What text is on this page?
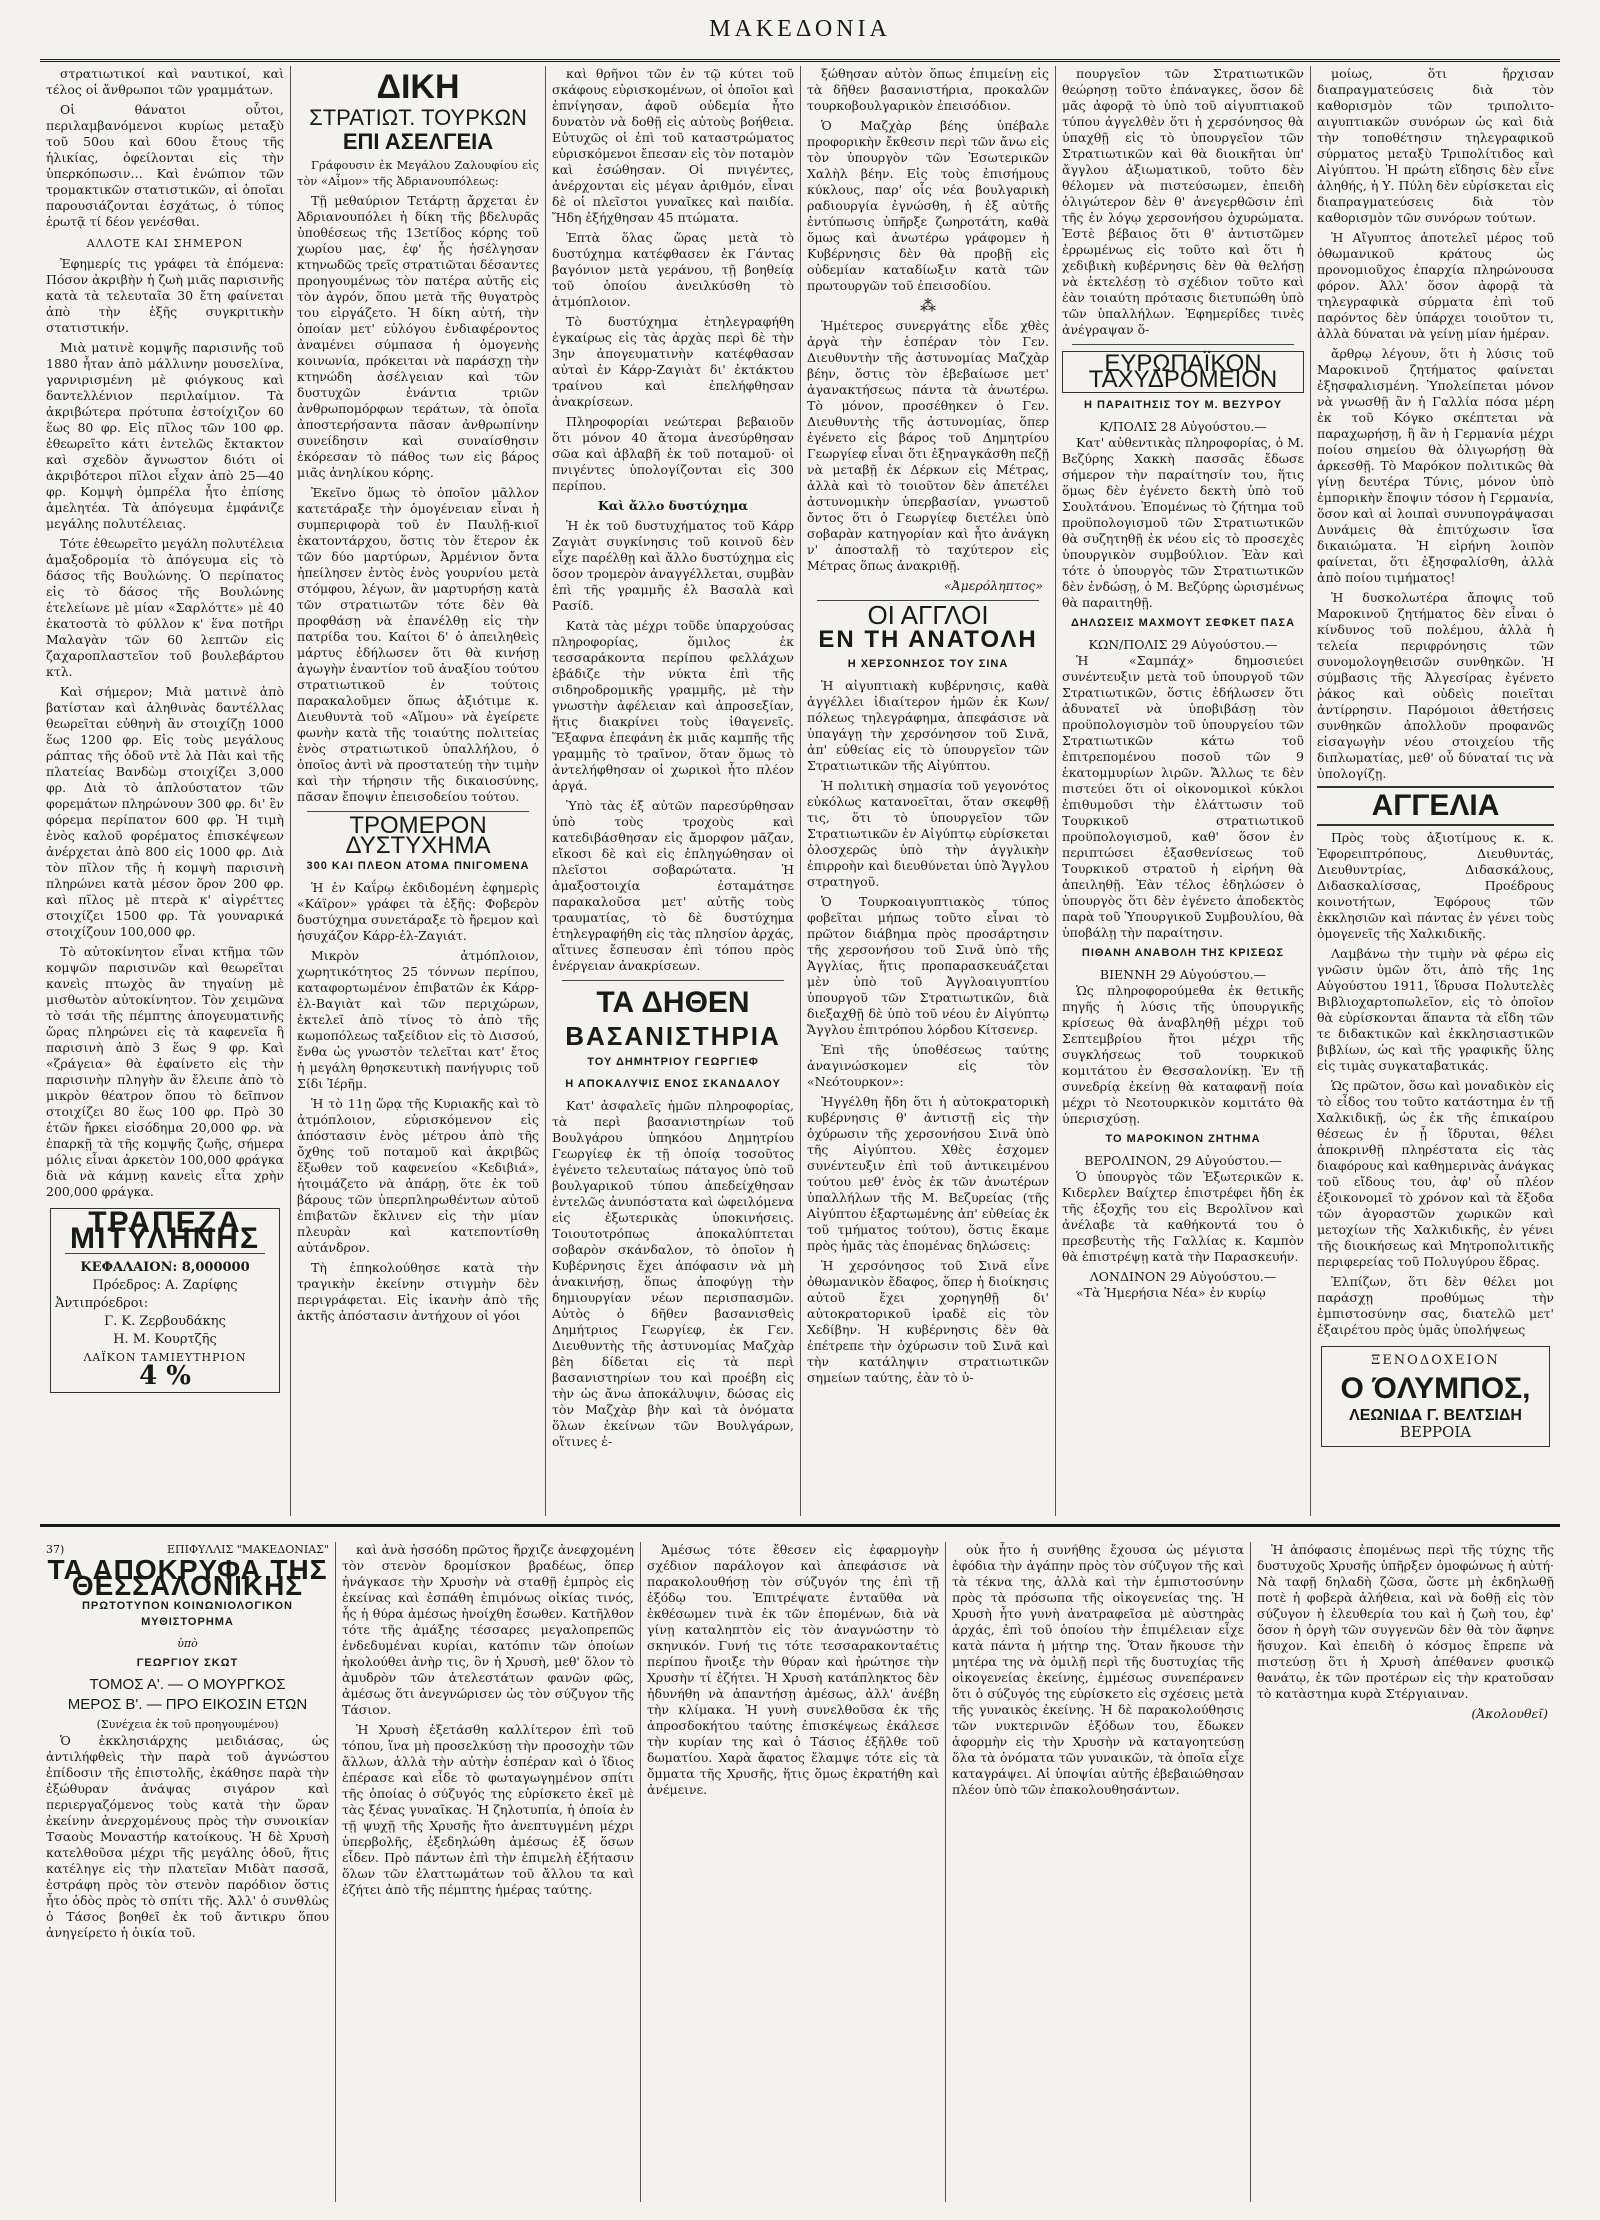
ΜΑΚΕΔΟΝΙΑ

στρατιωτικοί καὶ ναυτικοί, καὶ τέλος οἱ ἄνθρωποι τῶν γραμμάτων.

Οἱ θάνατοι οὗτοι, περιλαμβανόμενοι κυρίως μεταξὺ τοῦ 50ου καὶ 60ου ἔτους τῆς ἡλικίας, ὀφείλονται εἰς τὴν ὑπερκόπωσιν… Καὶ ἐνώπιον τῶν τρομακτικῶν στατιστικῶν, αἱ ὁποῖαι παρουσιάζονται ἐσχάτως, ὁ τύπος ἐρωτᾷ τί δέον γενέσθαι.

ΑΛΛΟΤΕ ΚΑΙ ΣΗΜΕΡΟΝ

Ἐφημερίς τις γράφει τὰ ἑπόμενα: Πόσον ἀκριβὴν ἡ ζωὴ μιᾶς παρισινῆς κατὰ τὰ τελευταῖα 30 ἔτη φαίνεται ἀπὸ τὴν ἑξῆς συγκριτικὴν στατιστικήν.

Μιὰ ματινὲ κομψῆς παρισινῆς τοῦ 1880 ἦταν ἀπὸ μάλλινην μουσελίνα, γαρνιρισμένη μὲ φιόγκους καὶ δαντελλένιον περιλαίμιον. Τὰ ἀκριβώτερα πρότυπα ἐστοίχιζον 60 ἕως 80 φρ. Εἰς πῖλος τῶν 100 φρ. ἐθεωρεῖτο κάτι ἐντελῶς ἔκτακτον καὶ σχεδὸν ἄγνωστον διότι οἱ ἀκριβότεροι πῖλοι εἶχαν ἀπὸ 25—40 φρ. Κομψὴ ὀμπρέλα ἦτο ἐπίσης ἀμελητέα. Τὰ ἀπόγευμα ἐμφάνιζε μεγάλης πολυτέλειας.

Τότε ἐθεωρεῖτο μεγάλη πολυτέλεια ἁμαξοδρομία τὸ ἀπόγευμα εἰς τὸ δάσος τῆς Βουλώνης. Ὁ περίπατος εἰς τὸ δάσος τῆς Βουλώνης ἐτελείωνε μὲ μίαν «Σαρλόττε» μὲ 40 ἑκατοστὰ τὸ φύλλον κ' ἕνα ποτῆρι Μαλαγὰν τῶν 60 λεπτῶν εἰς ζαχαροπλαστεῖον τοῦ βουλεβάρτου κτλ.

Καὶ σήμερον; Μιὰ ματινὲ ἀπὸ βατίσταν καὶ ἀληθινὰς δαντέλλας θεωρεῖται εὐθηνὴ ἂν στοιχίζῃ 1000 ἕως 1200 φρ. Εἰς τοὺς μεγάλους ράπτας τῆς ὁδοῦ ντὲ λὰ Πὰι καὶ τῆς πλατείας Βανδὼμ στοιχίζει 3,000 φρ. Διὰ τὸ ἀπλούστατον τῶν φορεμάτων πληρώνουν 300 φρ. δι' ἓν φόρεμα περίπατον 600 φρ. Ἡ τιμὴ ἑνὸς καλοῦ φορέματος ἐπισκέψεων ἀνέρχεται ἀπὸ 800 εἰς 1000 φρ. Διὰ τὸν πῖλον τῆς ἡ κομψὴ παρισινὴ πληρώνει κατὰ μέσον ὅρον 200 φρ. καὶ πῖλος μὲ πτερὰ κ' αἰγρέττες στοιχίζει 1500 φρ. Τὰ γουναρικά στοιχίζουν 100,000 φρ.

Τὸ αὐτοκίνητον εἶναι κτῆμα τῶν κομψῶν παρισινῶν καὶ θεωρεῖται κανεὶς πτωχὸς ἂν τηγαίνῃ μὲ μισθωτὸν αὐτοκίνητον. Τὸν χειμῶνα τὸ τσάι τῆς πέμπτης ἀπογευματινῆς ὥρας πληρώνει εἰς τὰ καφενεῖα ἢ παρισινὴ ἀπὸ 3 ἕως 9 φρ. Καὶ «ζράγεια» θὰ ἐφαίνετο εἰς τὴν παρισινὴν πληγὴν ἂν ἔλειπε ἀπὸ τὸ μικρὸν θέατρον ὅπου τὸ δεῖπνον στοιχίζει 80 ἕως 100 φρ. Πρὸ 30 ἐτῶν ἤρκει εἰσόδημα 20,000 φρ. νὰ ἐπαρκῇ τὰ τῆς κομψῆς ζωῆς, σήμερα μόλις εἶναι ἀρκετὸν 100,000 φράγκα διὰ νὰ κάμνῃ κανεὶς εἶτα χρὴν 200,000 φράγκα.

ΤΡΑΠΕΖΑ ΜΙΤΥΛΗΝΗΣ
ΚΕΦΑΛΑΙΟΝ: 8,000000
Πρόεδρος: Α. Ζαρίφης
Ἀντιπρόεδροι:
Γ. Κ. Ζερβουδάκης
Η. Μ. Κουρτζῆς
ΛΑΪΚΟΝ ΤΑΜΙΕΥΤΗΡΙΟΝ
4 %
ΔΙΚΗ
ΣΤΡΑΤΙΩΤ. ΤΟΥΡΚΩΝ
ΕΠΙ ΑΣΕΛΓΕΙΑ

Γράφουσιν ἐκ Μεγάλου Ζαλουφίου εἰς τὸν «Αἶμον» τῆς Ἀδριανουπόλεως:

Τῇ μεθαύριον Τετάρτῃ ἄρχεται ἐν Ἀδριανουπόλει ἡ δίκη τῆς βδελυρᾶς ὑποθέσεως τῆς 13ετίδος κόρης τοῦ χωρίου μας, ἐφ' ἧς ἠσέλγησαν κτηνωδῶς τρεῖς στρατιῶται δέσαντες προηγουμένως τὸν πατέρα αὐτῆς εἰς τὸν ἀγρόν, ὅπου μετὰ τῆς θυγατρὸς του εἰργάζετο. Ἡ δίκη αὐτή, τὴν ὁποίαν μετ' εὐλόγου ἐνδιαφέροντος ἀναμένει σύμπασα ἡ ὁμογενὴς κοινωνία, πρόκειται νὰ παράσχῃ τὴν κτηνώδη ἀσέλγειαν καὶ τῶν δυστυχῶν ἐνάντια τριῶν ἀνθρωπομόρφων τεράτων, τὰ ὁποῖα ἀποστερήσαντα πᾶσαν ἀνθρωπίνην συνείδησιν καὶ συναίσθησιν ἐκόρεσαν τὸ πάθος των εἰς βάρος μιᾶς ἀνηλίκου κόρης.

Ἐκεῖνο ὅμως τὸ ὁποῖον μᾶλλον κατετάραξε τὴν ὁμογένειαν εἶναι ἡ συμπεριφορὰ τοῦ ἐν Παυλῇ-κιοῖ ἑκατοντάρχου, ὅστις τὸν ἕτερον ἐκ τῶν δύο μαρτύρων, Ἀρμένιον ὄντα ἠπείλησεν ἐντὸς ἑνὸς γουρνίου μετὰ στόμφου, λέγων, ἂν μαρτυρήσῃ κατὰ τῶν στρατιωτῶν τότε δὲν θὰ προφθάσῃ νὰ ἐπανέλθῃ εἰς τὴν πατρίδα του. Καίτοι δ' ὁ ἀπειληθεὶς μάρτυς ἐδήλωσεν ὅτι θὰ κινήσῃ ἀγωγὴν ἐναντίον τοῦ ἀναξίου τούτου στρατιωτικοῦ ἐν τούτοις παρακαλοῦμεν ὅπως ἀξιότιμε κ. Διευθυντὰ τοῦ «Αἵμου» νὰ ἐγείρετε φωνὴν κατὰ τῆς τοιαύτης πολιτείας ἑνὸς στρατιωτικοῦ ὑπαλλήλου, ὁ ὁποῖος ἀντὶ νὰ προστατεύῃ τὴν τιμὴν καὶ τὴν τήρησιν τῆς δικαιοσύνης, πᾶσαν ἔποψιν ἐπεισοδείου τούτου.

ΤΡΟΜΕΡΟΝ
ΔΥΣΤΥΧΗΜΑ
300 ΚΑΙ ΠΛΕΟΝ ΑΤΟΜΑ ΠΝΙΓΟΜΕΝΑ

Ἡ ἐν Καΐρῳ ἐκδιδομένη ἐφημερὶς «Κάϊρον» γράφει τὰ ἑξῆς: Φοβερὸν δυστύχημα συνετάραξε τὸ ἤρεμον καὶ ἡσυχάζον Κάρρ-ἐλ-Ζαγιάτ.

Μικρὸν ἀτμόπλοιον, χωρητικότητος 25 τόννων περίπου, καταφορτωμένον ἐπιβατῶν ἐκ Κάρρ-ἐλ-Βαγιὰτ καὶ τῶν περιχώρων, ἐκτελεῖ ἀπὸ τίνος τὸ ἀπὸ τῆς κωμοπόλεως ταξείδιον εἰς τὸ Δισσού, ἔνθα ὡς γνωστὸν τελεῖται κατ' ἔτος ἡ μεγάλη θρησκευτικὴ πανήγυρις τοῦ Σίδι Ἰέρῆμ.

Ἡ τὸ 11ῃ ὥρᾳ τῆς Κυριακῆς καὶ τὸ ἀτμόπλοιον, εὑρισκόμενον εἰς ἀπόστασιν ἑνὸς μέτρου ἀπὸ τῆς ὄχθης τοῦ ποταμοῦ καὶ ἀκριβῶς ἔξωθεν τοῦ καφενείου «Κεδιβιά», ἡτοιμάζετο νὰ ἀπάρῃ, ὅτε ἐκ τοῦ βάρους τῶν ὑπερπληρωθέντων αὐτοῦ ἐπιβατῶν ἔκλινεν εἰς τὴν μίαν πλευρὰν καὶ κατεποντίσθη αὐτάνδρον.

Τὴ ἐπηκολούθησε κατὰ τὴν τραγικὴν ἐκείνην στιγμὴν δὲν περιγράφεται. Εἰς ἱκανὴν ἀπὸ τῆς ἀκτῆς ἀπόστασιν ἀντήχουν οἱ γόοι

καὶ θρῆνοι τῶν ἐν τῷ κύτει τοῦ σκάφους εὑρισκομένων, οἱ ὁποῖοι καὶ ἐπνίγησαν, ἀφοῦ οὐδεμία ἦτο δυνατὸν νὰ δοθῇ εἰς αὐτοὺς βοήθεια. Εὐτυχῶς οἱ ἐπὶ τοῦ καταστρώματος εὑρισκόμενοι ἔπεσαν εἰς τὸν ποταμὸν καὶ ἐσώθησαν. Οἱ πνιγέντες, ἀνέρχονται εἰς μέγαν ἀριθμόν, εἶναι δὲ οἱ πλεῖστοι γυναῖκες καὶ παιδία. Ἤδη ἐξήχθησαν 45 πτώματα.

Ἐπτὰ ὅλας ὥρας μετὰ τὸ δυστύχημα κατέφθασεν ἐκ Γάντας βαγόνιον μετὰ γεράνου, τῇ βοηθείᾳ τοῦ ὁποίου ἀνειλκύσθη τὸ ἀτμόπλοιον.

Τὸ δυστύχημα ἐτηλεγραφήθη ἐγκαίρως εἰς τὰς ἀρχὰς περὶ δὲ τὴν 3ην ἀπογευματινὴν κατέφθασαν αὐταὶ ἐν Κάρρ-Ζαγιὰτ δι' ἐκτάκτου τραίνου καὶ ἐπελήφθησαν ἀνακρίσεων.

Πληροφορίαι νεώτεραι βεβαιοῦν ὅτι μόνον 40 ἄτομα ἀνεσύρθησαν σῶα καὶ ἀβλαβῆ ἐκ τοῦ ποταμοῦ· οἱ πνιγέντες ὑπολογίζονται εἰς 300 περίπου.

Καὶ ἄλλο δυστύχημα

Ἡ ἐκ τοῦ δυστυχήματος τοῦ Κάρρ Ζαγιὰτ συγκίνησις τοῦ κοινοῦ δὲν εἶχε παρέλθῃ καὶ ἄλλο δυστύχημα εἰς ὅσον τρομερὸν ἀναγγέλλεται, συμβὰν ἐπὶ τῆς γραμμῆς ἐλ Βασαλὰ καὶ Ρασίδ.

Κατὰ τὰς μέχρι τοῦδε ὑπαρχούσας πληροφορίας, ὅμιλος ἐκ τεσσαράκοντα περίπου φελλάχων ἐβάδιζε τὴν νύκτα ἐπὶ τῆς σιδηροδρομικῆς γραμμῆς, μὲ τὴν γνωστὴν ἀφέλειαν καὶ ἀπροσεξίαν, ἥτις διακρίνει τοὺς ἰθαγενεῖς. Ἔξαφνα ἐπεφάνη ἐκ μιᾶς καμπῆς τῆς γραμμῆς τὸ τραῖνον, ὅταν ὅμως τὸ ἀντελήφθησαν οἱ χωρικοὶ ἦτο πλέον ἀργά.

Ὑπὸ τὰς ἐξ αὐτῶν παρεσύρθησαν ὑπὸ τοὺς τροχοὺς καὶ κατεδιβάσθησαν εἰς ἄμορφον μᾶζαν, εἴκοσι δὲ καὶ εἰς ἐπληγώθησαν οἱ πλεῖστοι σοβαρώτατα. Ἡ ἁμαξοστοιχία ἐσταμάτησε παρακαλοῦσα μετ' αὐτῆς τοὺς τραυματίας, τὸ δὲ δυστύχημα ἐτηλεγραφήθη εἰς τὰς πλησίον ἀρχάς, αἵτινες ἔσπευσαν ἐπὶ τόπου πρὸς ἐνέργειαν ἀνακρίσεων.

ΤΑ ΔΗΘΕΝ
ΒΑΣΑΝΙΣΤΗΡΙΑ
ΤΟΥ ΔΗΜΗΤΡΙΟΥ ΓΕΩΡΓΙΕΦ
Η ΑΠΟΚΑΛΥΨΙΣ ΕΝΟΣ ΣΚΑΝΔΑΛΟΥ

Κατ' ἀσφαλεῖς ἡμῶν πληροφορίας, τὰ περὶ βασανιστηρίων τοῦ Βουλγάρου ὑπηκόου Δημητρίου Γεωργίεφ ἐκ τῇ ὁποίᾳ τοσοῦτος ἐγένετο τελευταίως πάταγος ὑπὸ τοῦ βουλγαρικοῦ τύπου ἀπεδείχθησαν ἐντελῶς ἀνυπόστατα καὶ ὠφειλόμενα εἰς ἐξωτερικὰς ὑποκινήσεις. Τοιουτοτρόπως ἀποκαλύπτεται σοβαρὸν σκάνδαλον, τὸ ὁποῖον ἡ Κυβέρνησις ἔχει ἀπόφασιν νὰ μὴ ἀνακινήσῃ, ὅπως ἀποφύγῃ τὴν δημιουργίαν νέων περισπασμῶν. Αὐτὸς ὁ δῆθεν βασανισθεὶς Δημήτριος Γεωργίεφ, ἐκ Γεν. Διευθυντὴς τῆς ἀστυνομίας Μαζχὰρ βὲη δίδεται εἰς τὰ περὶ βασανιστηρίων του καὶ προέβη εἰς τὴν ὡς ἄνω ἀποκάλυψιν, δώσας εἰς τὸν Μαζχὰρ βὴν καὶ τὰ ὀνόματα ὅλων ἐκείνων τῶν Βουλγάρων, οἵτινες ἐ-

ξώθησαν αὐτὸν ὅπως ἐπιμείνῃ εἰς τὰ δῆθεν βασανιστήρια, προκαλῶν τουρκοβουλγαρικὸν ἐπεισόδιον.

Ὁ Μαζχὰρ βέης ὑπέβαλε προφορικὴν ἔκθεσιν περὶ τῶν ἄνω εἰς τὸν ὑπουργὸν τῶν Ἐσωτερικῶν Χαλὴλ βέην. Εἰς τοὺς ἐπισήμους κύκλους, παρ' οἷς νέα βουλγαρικὴ ραδιουργία ἐγνώσθη, ἡ ἐξ αὐτῆς ἐντύπωσις ὑπῆρξε ζωηροτάτη, καθὰ ὅμως καὶ ἀνωτέρω γράφομεν ἡ Κυβέρνησις δὲν θὰ προβῇ εἰς οὐδεμίαν καταδίωξιν κατὰ τῶν πρωτουργῶν τοῦ ἐπεισοδίου.

⁂

Ἡμέτερος συνεργάτης εἶδε χθὲς ἀργὰ τὴν ἑσπέραν τὸν Γεν. Διευθυντὴν τῆς ἀστυνομίας Μαζχὰρ βέην, ὅστις τὸν ἐβεβαίωσε μετ' ἀγανακτήσεως πάντα τὰ ἀνωτέρω. Τὸ μόνον, προσέθηκεν ὁ Γεν. Διευθυντὴς τῆς ἀστυνομίας, ὅπερ ἐγένετο εἰς βάρος τοῦ Δημητρίου Γεωργίεφ εἶναι ὅτι ἐξηναγκάσθη πεζῇ νὰ μεταβῇ ἐκ Δέρκων εἰς Μέτρας, ἀλλὰ καὶ τὸ τοιοῦτον δὲν ἀπετέλει ἀστυνομικὴν ὑπερβασίαν, γνωστοῦ ὄντος ὅτι ὁ Γεωργίεφ διετέλει ὑπὸ σοβαρὰν κατηγορίαν καὶ ἦτο ἀνάγκη ν' ἀποσταλῇ τὸ ταχύτερον εἰς Μέτρας ὅπως ἀνακριθῇ.

«Ἀμερόληπτος»
ΟΙ ΑΓΓΛΟΙ
ΕΝ ΤΗ ΑΝΑΤΟΛΗ
Η ΧΕΡΣΟΝΗΣΟΣ ΤΟΥ ΣΙΝΑ

Ἡ αἰγυπτιακὴ κυβέρνησις, καθὰ ἀγγέλλει ἰδιαίτερον ἡμῶν ἐκ Κων/πόλεως τηλεγράφημα, ἀπεφάσισε νὰ ὑπαγάγῃ τὴν χερσόνησον τοῦ Σινᾶ, ἀπ' εὐθείας εἰς τὸ ὑπουργεῖον τῶν Στρατιωτικῶν τῆς Αἰγύπτου.

Ἡ πολιτικὴ σημασία τοῦ γεγονότος εὐκόλως κατανοεῖται, ὅταν σκεφθῇ τις, ὅτι τὸ ὑπουργεῖον τῶν Στρατιωτικῶν ἐν Αἰγύπτῳ εὑρίσκεται ὁλοσχερῶς ὑπὸ τὴν ἀγγλικὴν ἐπιρροὴν καὶ διευθύνεται ὑπὸ Ἄγγλου στρατηγοῦ.

Ὁ Τουρκοαιγυπτιακὸς τύπος φοβεῖται μήπως τοῦτο εἶναι τὸ πρῶτον διάβημα πρὸς προσάρτησιν τῆς χερσονήσου τοῦ Σινᾶ ὑπὸ τῆς Ἀγγλίας, ἥτις προπαρασκευάζεται μὲν ὑπὸ τοῦ Ἀγγλοαιγυπτίου ὑπουργοῦ τῶν Στρατιωτικῶν, διὰ διεξαχθῇ δὲ ὑπὸ τοῦ νέου ἐν Αἰγύπτῳ Ἄγγλου ἐπιτρόπου λόρδου Κίτσενερ.

Ἐπὶ τῆς ὑποθέσεως ταύτης ἀναγινώσκομεν εἰς τὸν «Νεότουρκον»:

Ἠγγέλθη ἤδη ὅτι ἡ αὐτοκρατορικὴ κυβέρνησις θ' ἀντιστῇ εἰς τὴν ὀχύρωσιν τῆς χερσονήσου Σινᾶ ὑπὸ τῆς Αἰγύπτου. Χθὲς ἐσχομεν συνέντευξιν ἐπὶ τοῦ ἀντικειμένου τούτου μεθ' ἑνὸς ἐκ τῶν ἀνωτέρων ὑπαλλήλων τῆς Μ. Βεζυρείας (τῆς Αἰγύπτου ἐξαρτωμένης ἀπ' εὐθείας ἐκ τοῦ τμήματος τούτου), ὅστις ἔκαμε πρὸς ἡμᾶς τὰς ἑπομένας δηλώσεις:

Ἡ χερσόνησος τοῦ Σινᾶ εἶνε ὀθωμανικὸν ἔδαφος, ὅπερ ἡ διοίκησις αὐτοῦ ἔχει χορηγηθῇ δι' αὐτοκρατορικοῦ ἰραδὲ εἰς τὸν Χεδίβην. Ἡ κυβέρνησις δὲν θὰ ἐπέτρεπε τὴν ὀχύρωσιν τοῦ Σινᾶ καὶ τὴν κατάληψιν στρατιωτικῶν σημείων ταύτης, ἐὰν τὸ ὑ-

πουργεῖον τῶν Στρατιωτικῶν θεώρησῃ τοῦτο ἐπάναγκες, ὅσον δὲ μᾶς ἀφορᾷ τὸ ὑπὸ τοῦ αἰγυπτιακοῦ τύπου ἀγγελθὲν ὅτι ἡ χερσόνησος θὰ ὑπαχθῇ εἰς τὸ ὑπουργεῖον τῶν Στρατιωτικῶν καὶ θὰ διοικῆται ὑπ' ἄγγλου ἀξιωματικοῦ, τοῦτο δὲν θέλομεν νὰ πιστεύσωμεν, ἐπειδὴ ὀλιγώτερον δὲν θ' ἀνεγερθῶσιν ἐπὶ τῆς ἐν λόγῳ χερσονήσου ὀχυρώματα. Ἐστὲ βέβαιος ὅτι θ' ἀντιστῶμεν ἐρρωμένως εἰς τοῦτο καὶ ὅτι ἡ χεδιβικὴ κυβέρνησις δὲν θὰ θελήσῃ νὰ ἐκτελέσῃ τὸ σχέδιον τοῦτο καὶ ἐὰν τοιαύτη πρότασις διετυπώθη ὑπὸ τῶν ὑπαλλήλων. Ἐφημερίδες τινὲς ἀνέγραψαν ὅ-

ΕΥΡΩΠΑΪΚΟΝ ΤΑΧΥΔΡΟΜΕΙΟΝ
Η ΠΑΡΑΙΤΗΣΙΣ ΤΟΥ Μ. ΒΕΖΥΡΟΥ
Κ/ΠΟΛΙΣ 28 Αὐγούστου.—

Κατ' αὐθεντικὰς πληροφορίας, ὁ Μ. Βεζύρης Χακκὴ πασσᾶς ἔδωσε σήμερον τὴν παραίτησίν του, ἥτις ὅμως δὲν ἐγένετο δεκτὴ ὑπὸ τοῦ Σουλτάνου. Ἐπομένως τὸ ζήτημα τοῦ προϋπολογισμοῦ τῶν Στρατιωτικῶν θὰ συζητηθῇ ἐκ νέου εἰς τὸ προσεχὲς ὑπουργικὸν συμβούλιον. Ἐὰν καὶ τότε ὁ ὑπουργὸς τῶν Στρατιωτικῶν δὲν ἐνδώσῃ, ὁ Μ. Βεζύρης ὡρισμένως θὰ παραιτηθῇ.

ΔΗΛΩΣΕΙΣ ΜΑΧΜΟΥΤ ΣΕΦΚΕΤ ΠΑΣΑ
ΚΩΝ/ΠΟΛΙΣ 29 Αὐγούστου.—

Ἡ «Σαμπάχ» δημοσιεύει συνέντευξιν μετὰ τοῦ ὑπουργοῦ τῶν Στρατιωτικῶν, ὅστις ἐδήλωσεν ὅτι ἀδυνατεῖ νὰ ὑποβιβάσῃ τὸν προϋπολογισμὸν τοῦ ὑπουργείου τῶν Στρατιωτικῶν κάτω τοῦ ἐπιτρεπομένου ποσοῦ τῶν 9 ἑκατομμυρίων λιρῶν. Ἄλλως τε δὲν πιστεύει ὅτι οἱ οἰκονομικοὶ κύκλοι ἐπιθυμοῦσι τὴν ἐλάττωσιν τοῦ Τουρκικοῦ στρατιωτικοῦ προϋπολογισμοῦ, καθ' ὅσον ἐν περιπτώσει ἐξασθενίσεως τοῦ Τουρκικοῦ στρατοῦ ἡ εἰρήνη θὰ ἀπειληθῇ. Ἐὰν τέλος ἐδηλώσεν ὁ ὑπουργὸς ὅτι δὲν ἐγένετο ἀποδεκτὸς παρὰ τοῦ Ὑπουργικοῦ Συμβουλίου, θὰ ὑποβάλῃ τὴν παραίτησιν.

ΠΙΘΑΝΗ ΑΝΑΒΟΛΗ ΤΗΣ ΚΡΙΣΕΩΣ
ΒΙΕΝΝΗ 29 Αὐγούστου.—

Ὡς πληροφορούμεθα ἐκ θετικῆς πηγῆς ἡ λύσις τῆς ὑπουργικῆς κρίσεως θὰ ἀναβληθῇ μέχρι τοῦ Σεπτεμβρίου ἤτοι μέχρι τῆς συγκλήσεως τοῦ τουρκικοῦ κομιτάτου ἐν Θεσσαλονίκῃ. Ἐν τῇ συνεδρίᾳ ἐκείνῃ θὰ καταφανῇ ποία μέχρι τὸ Νεοτουρκικὸν κομιτάτο θὰ ὑπερισχύσῃ.

ΤΟ ΜΑΡΟΚΙΝΟΝ ΖΗΤΗΜΑ
ΒΕΡΟΛΙΝΟΝ, 29 Αὐγούστου.—

Ὁ ὑπουργὸς τῶν Ἐξωτερικῶν κ. Κιδερλεν Βαίχτερ ἐπιστρέφει ἤδη ἐκ τῆς ἐξοχῆς του εἰς Βερολῖνον καὶ ἀνέλαβε τὰ καθήκοντά του ὁ πρεσβευτὴς τῆς Γαλλίας κ. Καμπὸν θὰ ἐπιστρέψῃ κατὰ τὴν Παρασκευήν.

ΛΟΝΔΙΝΟΝ 29 Αὐγούστου.—

«Τὰ Ἡμερήσια Νέα» ἐν κυρίῳ

μοίως, ὅτι ἤρχισαν διαπραγματεύσεις διὰ τὸν καθορισμὸν τῶν τριπολιτο-αιγυπτιακῶν συνόρων ὡς καὶ διὰ τὴν τοποθέτησιν τηλεγραφικοῦ σύρματος μεταξὺ Τριπολίτιδος καὶ Αἰγύπτου. Ἡ πρώτη εἴδησις δὲν εἶνε ἀληθής, ἡ Υ. Πύλη δὲν εὑρίσκεται εἰς διαπραγματεύσεις διὰ τὸν καθορισμὸν τῶν συνόρων τούτων.

Ἡ Αἴγυπτος ἀποτελεῖ μέρος τοῦ ὀθωμανικοῦ κράτους ὡς προνομιοῦχος ἐπαρχία πληρώνουσα φόρον. Ἀλλ' ὅσον ἀφορᾷ τὰ τηλεγραφικὰ σύρματα ἐπὶ τοῦ παρόντος δὲν ὑπάρχει τοιοῦτον τι, ἀλλὰ δύναται νὰ γείνῃ μίαν ἡμέραν.

ἄρθρῳ λέγουν, ὅτι ἡ λύσις τοῦ Μαροκινοῦ ζητήματος φαίνεται ἐξησφαλισμένη. Ὑπολείπεται μόνον νὰ γνωσθῇ ἂν ἡ Γαλλία πόσα μέρη ἐκ τοῦ Κόγκο σκέπτεται νὰ παραχωρήσῃ, ἢ ἂν ἡ Γερμανία μέχρι ποίου σημείου θὰ ὀλιγωρήσῃ θὰ ἀρκεσθῇ. Τὸ Μαρόκον πολιτικῶς θὰ γίνῃ δευτέρα Τύνις, μόνον ὑπὸ ἐμπορικὴν ἔποψιν τόσον ἡ Γερμανία, ὅσον καὶ αἱ λοιπαὶ συνυπογράψασαι Δυνάμεις θὰ ἐπιτύχωσιν ἴσα δικαιώματα. Ἡ εἰρήνη λοιπὸν φαίνεται, ὅτι ἐξησφαλίσθη, ἀλλὰ ἀπὸ ποίου τιμήματος!

Ἡ δυσκολωτέρα ἄποψις τοῦ Μαροκινοῦ ζητήματος δὲν εἶναι ὁ κίνδυνος τοῦ πολέμου, ἀλλὰ ἡ τελεία περιφρόνησις τῶν συνομολογηθεισῶν συνθηκῶν. Ἡ σύμβασις τῆς Ἀλγεσίρας ἐγένετο ῥάκος καὶ οὐδεὶς ποιεῖται ἀντίρρησιν. Παρόμοιοι ἀθετήσεις συνθηκῶν ἀπολλοῦν προφανῶς εἰσαγωγὴν νέου στοιχείου τῆς διπλωματίας, μεθ' οὗ δύναταί τις νὰ ὑπολογίζῃ.

ΑΓΓΕΛΙΑ

Πρὸς τοὺς ἀξιοτίμους κ. κ. Ἐφορειπτρόπους, Διευθυντάς, Διευθυντρίας, Διδασκάλους, Διδασκαλίσσας, Προέδρους κοινοτήτων, Ἐφόρους τῶν ἐκκλησιῶν καὶ πάντας ἐν γένει τοὺς ὁμογενεῖς τῆς Χαλκιδικῆς.

Λαμβάνω τὴν τιμὴν νὰ φέρω εἰς γνῶσιν ὑμῶν ὅτι, ἀπὸ τῆς 1ης Αὐγούστου 1911, ἵδρυσα Πολυτελὲς Βιβλιοχαρτοπωλεῖον, εἰς τὸ ὁποῖον θὰ εὑρίσκονται ἅπαντα τὰ εἴδη τῶν τε διδακτικῶν καὶ ἐκκλησιαστικῶν βιβλίων, ὡς καὶ τῆς γραφικῆς ὕλης εἰς τιμὰς συγκαταβατικάς.

Ὡς πρῶτον, ὅσω καὶ μοναδικὸν εἰς τὸ εἶδος του τοῦτο κατάστημα ἐν τῇ Χαλκιδικῇ, ὡς ἐκ τῆς ἐπικαίρου θέσεως ἐν ᾗ ἵδρυται, θέλει ἀποκρινθῇ πληρέστατα εἰς τὰς διαφόρους καὶ καθημερινὰς ἀνάγκας τοῦ εἴδους του, ἀφ' οὗ πλέον ἐξοικονομεῖ τὸ χρόνον καὶ τὰ ἔξοδα τῶν ἀγοραστῶν χωρικῶν καὶ μετοχίων τῆς Χαλκιδικῆς, ἐν γένει τῆς διοικήσεως καὶ Μητροπολιτικῆς περιφερείας τοῦ Πολυγύρου ἕδρας.

Ἐλπίζων, ὅτι δὲν θέλει μοι παράσχῃ προθύμως τὴν ἐμπιστοσύνην σας, διατελῶ μετ' ἐξαιρέτου πρὸς ὑμᾶς ὑπολήψεως

ΞΕΝΟΔΟΧΕΙΟΝ
Ο ΌΛΥΜΠΟΣ,
ΛΕΩΝΙΔΑ Γ. ΒΕΛΤΣΙΔΗ
ΒΕΡΡΟΙΑ
37)	ΕΠΙΦΥΛΛΙΣ "ΜΑΚΕΔΟΝΙΑΣ"
ΤΑ ΑΠΟΚΡΥΦΑ ΤΗΣ ΘΕΣΣΑΛΟΝΙΚΗΣ
ΠΡΩΤΟΤΥΠΟΝ ΚΟΙΝΩΝΙΟΛΟΓΙΚΟΝ ΜΥΘΙΣΤΟΡΗΜΑ
ὑπὸ
ΓΕΩΡΓΙΟΥ ΣΚΩΤ
ΤΟΜΟΣ Α'. — Ο ΜΟΥΡΓΚΟΣ
ΜΕΡΟΣ Β'. — ΠΡΟ ΕΙΚΟΣΙΝ ΕΤΩΝ
(Συνέχεια ἐκ τοῦ προηγουμένου)

Ὁ ἐκκλησιάρχης μειδιάσας, ὡς ἀντιλήφθεὶς τὴν παρὰ τοῦ ἀγνώστου ἐπίδοσιν τῆς ἐπιστολῆς, ἐκάθησε παρὰ τὴν ἐξώθυραν ἀνάψας σιγάρον καὶ περιεργαζόμενος τοὺς κατὰ τὴν ὥραν ἐκείνην ἀνερχομένους πρὸς τὴν συνοικίαν Τσαοὺς Μοναστήρ κατοίκους. Ἡ δὲ Χρυσὴ κατελθοῦσα μέχρι τῆς μεγάλης ὁδοῦ, ἥτις κατέληγε εἰς τὴν πλατεῖαν Μιδὰτ πασσᾶ, ἐστράφη πρὸς τὸν στενὸν παρόδιον ὅστις ἦτο ὁδὸς πρὸς τὸ σπίτι τῆς. Ἀλλ' ὁ συνθλὼς ὁ Τάσος βοηθεῖ ἐκ τοῦ ἄντικρυ ὅπου ἀνηγείρετο ἡ ὀικία τοῦ.

καὶ ἀνὰ ἡσσόδη πρῶτος ἤρχιζε ἀνεφχομένη τὸν στενὸν δρομίσκον βραδέως, ὅπερ ἠνάγκασε τὴν Χρυσὴν νὰ σταθῇ ἐμπρὸς εἰς ἐκείνας καὶ ἐσπάθη ἐπιμόνως οἰκίας τινός, ἧς ἡ θύρα ἀμέσως ἠνοίχθη ἔσωθεν. Κατῆλθον τότε τῆς ἁμάξης τέσσαρες μεγαλοπρεπῶς ἐνδεδυμέναι κυρίαι, κατόπιν τῶν ὁποίων ἠκολούθει ἀνὴρ τις, ὃν ἡ Χρυσὴ, μεθ' ὅλον τὸ ἀμυδρὸν τῶν ἀτελεστάτων φανῶν φῶς, ἀμέσως ὅτι ἀνεγνώρισεν ὡς τὸν σύζυγον τῆς Τάσιον.

Ἡ Χρυσὴ ἐξετάσθη καλλίτερον ἐπὶ τοῦ τόπου, ἵνα μὴ προσελκύσῃ τὴν προσοχὴν τῶν ἄλλων, ἀλλὰ τὴν αὐτὴν ἑσπέραν καὶ ὁ ἴδιος ἐπέρασε καὶ εἶδε τὸ φωταγωγημένον σπίτι τῆς ὁποίας ὁ σύζυγός της εὑρίσκετο ἐκεῖ μὲ τὰς ξένας γυναῖκας. Ἡ ζηλοτυπία, ἡ ὁποία ἐν τῇ ψυχῇ τῆς Χρυσῆς ἤτο ἀνεπτυγμένη μέχρι ὑπερβολῆς, ἐξεδηλώθη ἀμέσως ἐξ ὅσων εἶδεν. Πρὸ πάντων ἐπὶ τὴν ἐπιμελὴ ἐξήτασιν ὅλων τῶν ἐλαττωμάτων τοῦ ἄλλου τα καὶ ἐζήτει ἀπὸ τῆς πέμπτης ἡμέρας ταύτης.

Ἀμέσως τότε ἔθεσεν εἰς ἐφαρμογὴν σχέδιον παράλογον καὶ ἀπεφάσισε νὰ παρακολουθήσῃ τὸν σύζυγόν της ἐπὶ τῇ ἐξόδῳ του. Ἐπιτρέψατε ἐνταῦθα νὰ ἐκθέσωμεν τινὰ ἐκ τῶν ἐπομένων, διὰ νὰ γίνῃ καταληπτὸν εἰς τὸν ἀναγνώστην τὸ σκηνικόν. Γυνή τις τότε τεσσαρακονταέτις περίπου ἤνοιξε τὴν θύραν καὶ ἠρώτησε τὴν Χρυσὴν τί ἐζήτει. Ἡ Χρυσὴ κατάπληκτος δὲν ἠδυνήθη νὰ ἀπαντήσῃ ἀμέσως, ἀλλ' ἀνέβη τὴν κλίμακα. Ἡ γυνὴ συνελθοῦσα ἐκ τῆς ἀπροσδοκήτου ταύτης ἐπισκέψεως ἐκάλεσε τὴν κυρίαν της καὶ ὁ Τάσιος ἐξῆλθε τοῦ δωματίου. Χαρὰ ἄφατος ἔλαμψε τότε εἰς τὰ ὄμματα τῆς Χρυσῆς, ἥτις ὅμως ἐκρατήθη καὶ ἀνέμεινε.

οὐκ ἦτο ἡ συνήθης ἔχουσα ὡς μέγιστα ἐφόδια τὴν ἀγάπην πρὸς τὸν σύζυγον τῆς καὶ τὰ τέκνα της, ἀλλὰ καὶ τὴν ἐμπιστοσύνην πρὸς τὰ πρόσωπα τῆς οἰκογενείας της. Ἡ Χρυσὴ ἦτο γυνὴ ἀνατραφεῖσα μὲ αὐστηρὰς ἀρχάς, ἐπὶ τοῦ ὁποίου τὴν ἐπιμέλειαν εἶχε κατὰ πάντα ἡ μήτηρ της. Ὅταν ἤκουσε τὴν μητέρα της νὰ ὁμιλῇ περὶ τῆς δυστυχίας τῆς οἰκογενείας ἐκείνης, ἐμμέσως συνεπέρανεν ὅτι ὁ σύζυγός της εὑρίσκετο εἰς σχέσεις μετὰ τῆς γυναικὸς ἐκείνης. Ἡ δὲ παρακολούθησις τῶν νυκτερινῶν ἐξόδων του, ἔδωκεν ἀφορμὴν εἰς τὴν Χρυσὴν νὰ καταγοητεύσῃ ὅλα τὰ ὀνόματα τῶν γυναικῶν, τὰ ὁποῖα εἶχε καταγράψει. Αἱ ὑποψίαι αὐτῆς ἐβεβαιώθησαν πλέον ὑπὸ τῶν ἐπακολουθησάντων.

Ἡ ἀπόφασις ἐπομένως περὶ τῆς τύχης τῆς δυστυχοῦς Χρυσῆς ὑπῆρξεν ὁμοφώνως ἡ αὐτή· Νὰ ταφῇ δηλαδὴ ζῶσα, ὥστε μὴ ἐκδηλωθῇ ποτὲ ἡ φοβερὰ ἀλήθεια, καὶ νὰ δοθῇ εἰς τὸν σύζυγον ἡ ἐλευθερία του καὶ ἡ ζωὴ του, ἐφ' ὅσον ἡ ὀργὴ τῶν συγγενῶν δὲν θὰ τὸν ἄφηνε ἥσυχον. Καὶ ἐπειδὴ ὁ κόσμος ἔπρεπε νὰ πιστεύσῃ ὅτι ἡ Χρυσὴ ἀπέθανεν φυσικῷ θανάτῳ, ἐκ τῶν προτέρων εἰς τὴν κρατοῦσαν τὸ κατὰστημα κυρὰ Στέργιαιναν.

(Ἀκολουθεῖ)
